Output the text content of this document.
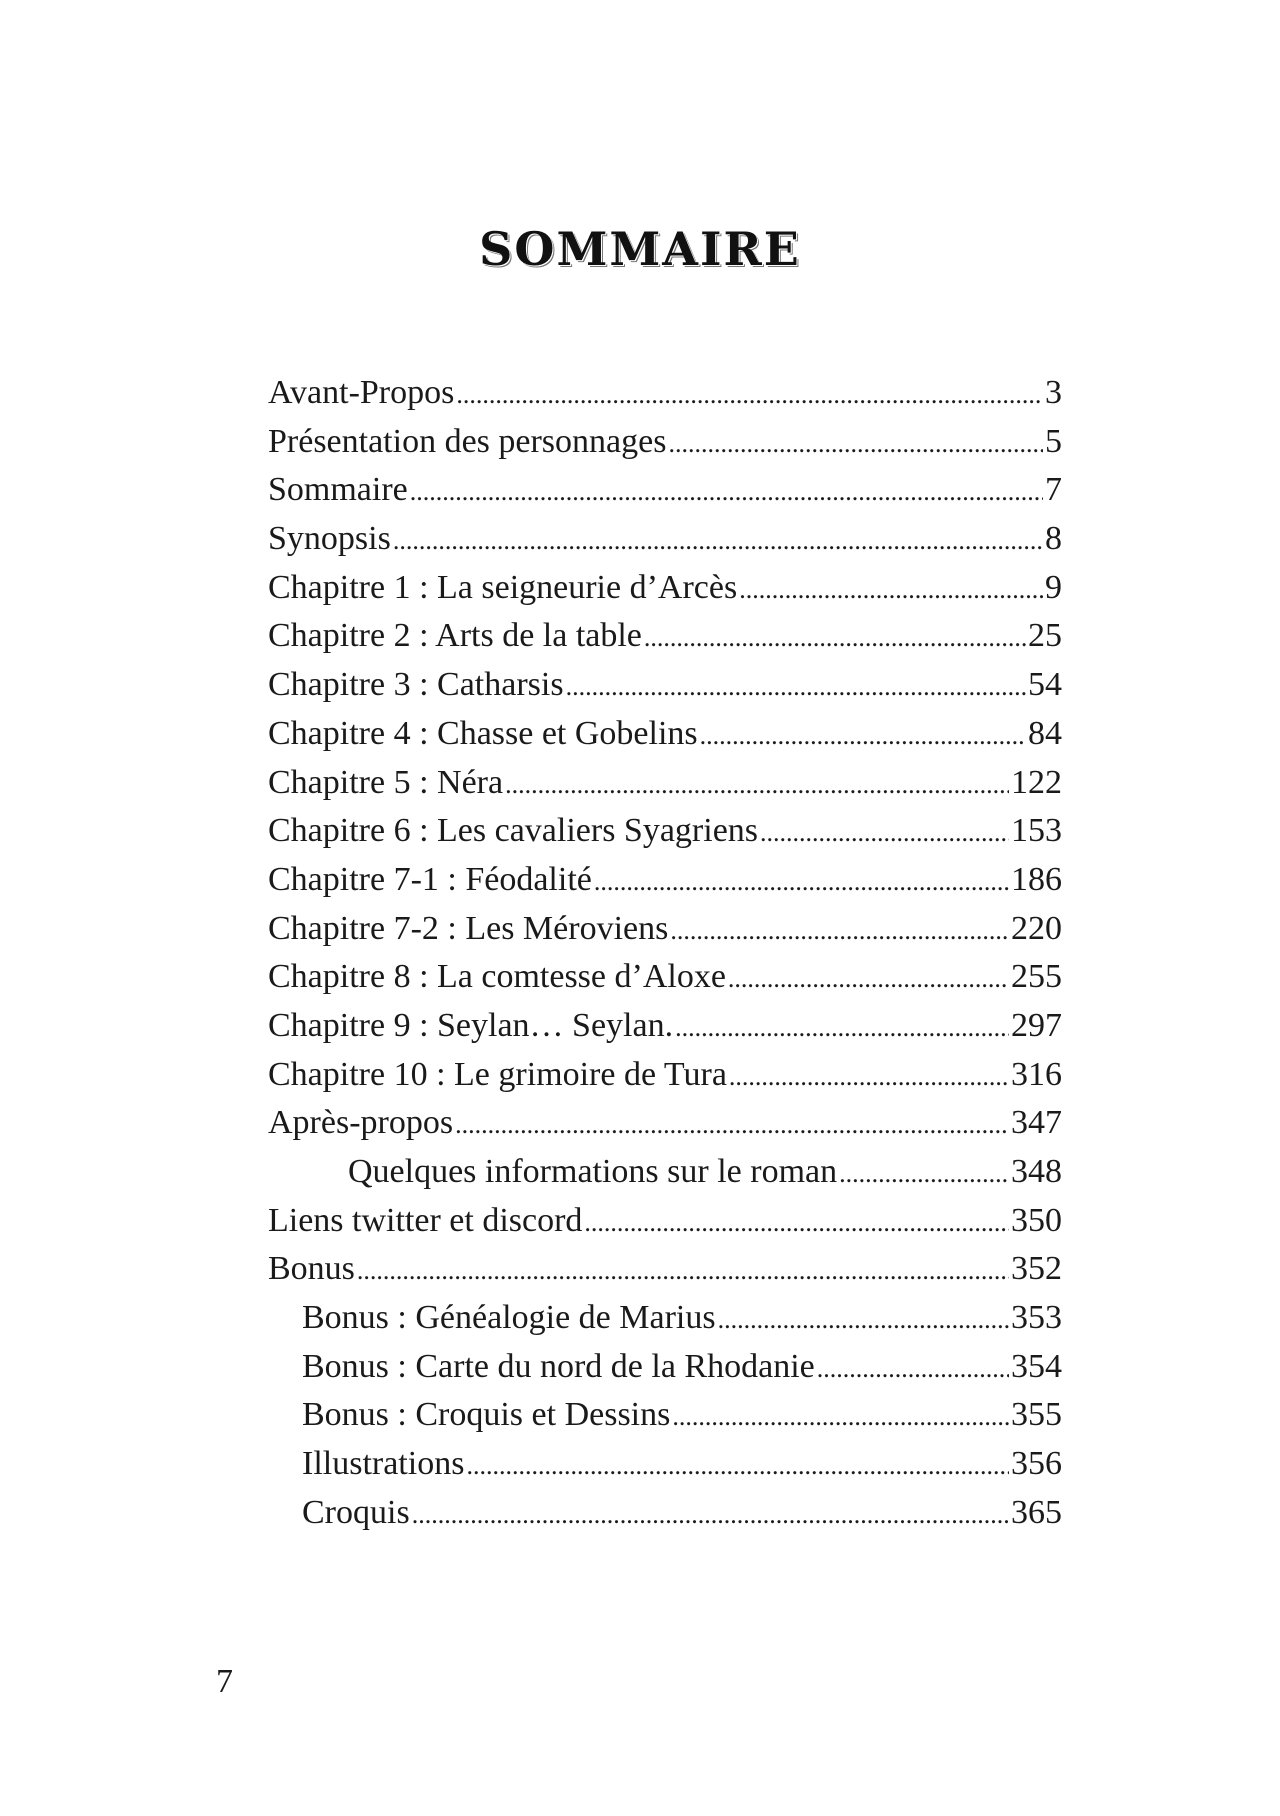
SOMMAIRE
Avant-Propos .....	3
Présentation des personnages .....	5
Sommaire .....	7
Synopsis .....	8
Chapitre 1 : La seigneurie d’Arcès .....	9
Chapitre 2 : Arts de la table .....	25
Chapitre 3 : Catharsis .....	54
Chapitre 4 : Chasse et Gobelins .....	84
Chapitre 5 : Néra .....	122
Chapitre 6 : Les cavaliers Syagriens .....	153
Chapitre 7-1 : Féodalité .....	186
Chapitre 7-2 : Les Méroviens .....	220
Chapitre 8 : La comtesse d’Aloxe .....	255
Chapitre 9 : Seylan… Seylan. .....	297
Chapitre 10 : Le grimoire de Tura .....	316
Après-propos .....	347
Quelques informations sur le roman .....	348
Liens twitter et discord .....	350
Bonus .....	352
Bonus : Généalogie de Marius .....	353
Bonus : Carte du nord de la Rhodanie .....	354
Bonus : Croquis et Dessins .....	355
Illustrations .....	356
Croquis .....	365
7
